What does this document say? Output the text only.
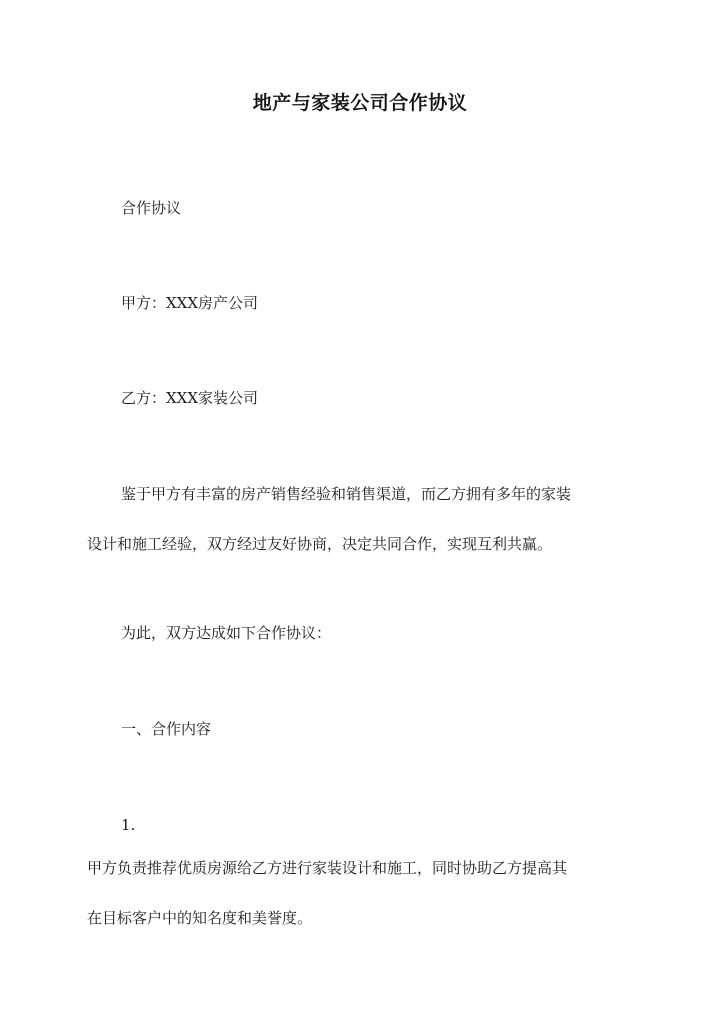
地产与家装公司合作协议

合作协议

甲方：XXX房产公司

乙方：XXX家装公司

鉴于甲方有丰富的房产销售经验和销售渠道，而乙方拥有多年的家装
设计和施工经验，双方经过友好协商，决定共同合作，实现互利共赢。

为此，双方达成如下合作协议：

一、合作内容

1.

甲方负责推荐优质房源给乙方进行家装设计和施工，同时协助乙方提高其
在目标客户中的知名度和美誉度。
